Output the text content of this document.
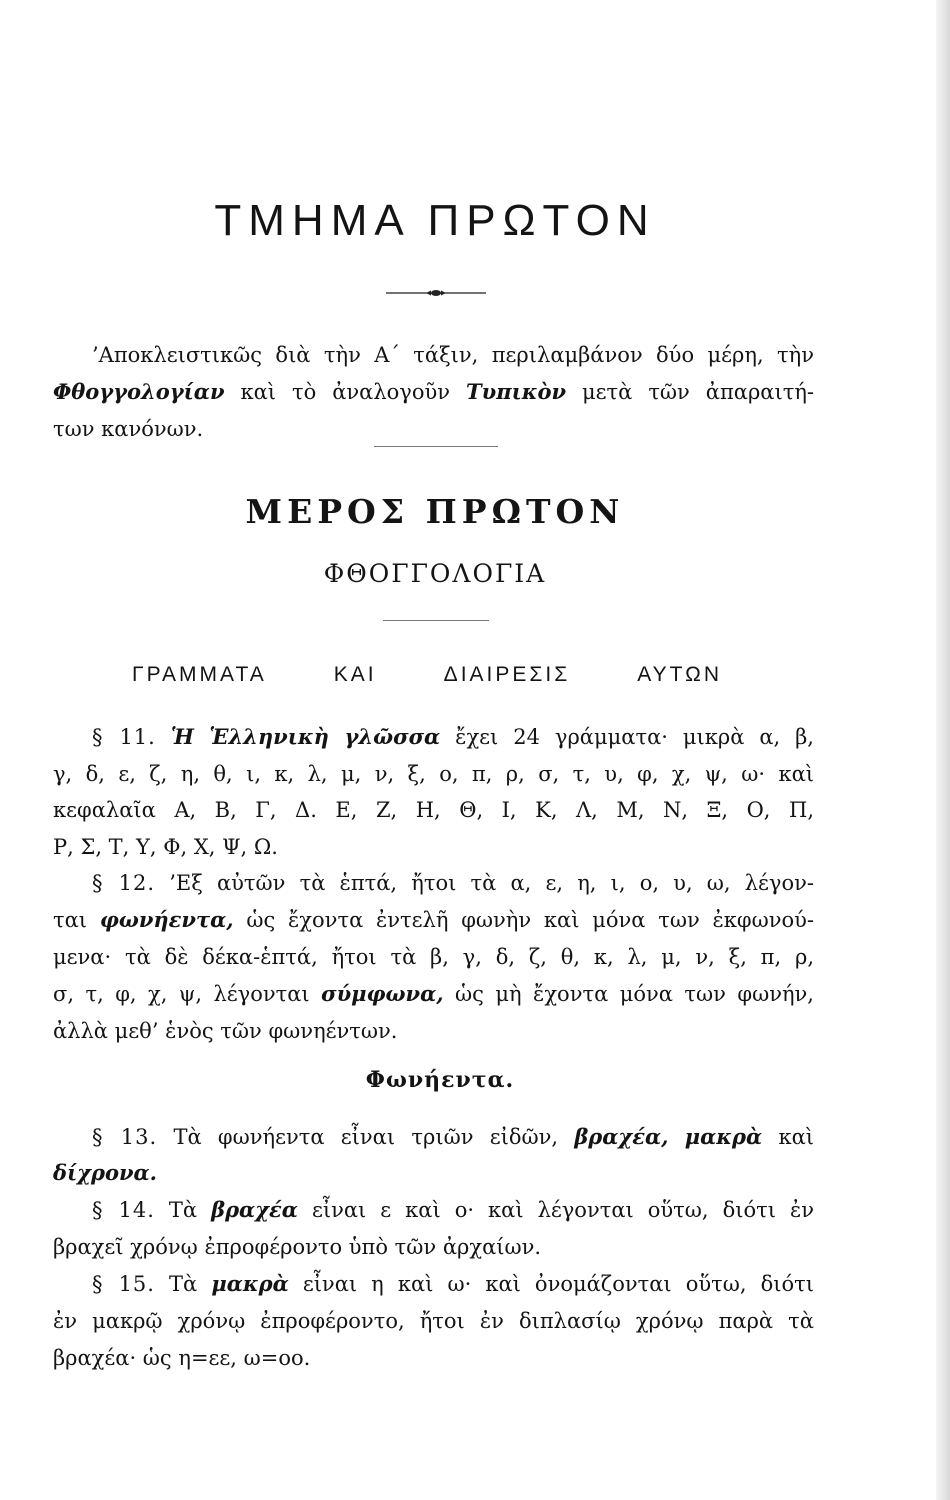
ΤΜΗΜΑ ΠΡΩΤΟΝ
’Αποκλειστικῶς διὰ τὴν Α΄ τάξιν, περιλαμβάνον δύο μέρη, τὴν
Φθογγολογίαν καὶ τὸ ἀναλογοῦν Τυπικὸν μετὰ τῶν ἀπαραιτή-
των κανόνων.
ΜΕΡΟΣ ΠΡΩΤΟΝ
ΦΘΟΓΓΟΛΟΓΙΑ
ΓΡΑΜΜΑΤΑ ΚΑΙ ΔΙΑΙΡΕΣΙΣ ΑΥΤΩΝ
§ 11. Ἡ Ἑλληνικὴ γλῶσσα ἔχει 24 γράμματα· μικρὰ α, β,
γ, δ, ε, ζ, η, θ, ι, κ, λ, μ, ν, ξ, ο, π, ρ, σ, τ, υ, φ, χ, ψ, ω· καὶ
κεφαλαῖα Α, Β, Γ, Δ. Ε, Ζ, Η, Θ, Ι, Κ, Λ, Μ, Ν, Ξ, Ο, Π,
Ρ, Σ, Τ, Υ, Φ, Χ, Ψ, Ω.
§ 12. ’Εξ αὐτῶν τὰ ἑπτά, ἤτοι τὰ α, ε, η, ι, ο, υ, ω, λέγον-
ται φωνήεντα, ὡς ἔχοντα ἐντελῆ φωνὴν καὶ μόνα των ἐκφωνού-
μενα· τὰ δὲ δέκα-ἑπτά, ἤτοι τὰ β, γ, δ, ζ, θ, κ, λ, μ, ν, ξ, π, ρ,
σ, τ, φ, χ, ψ, λέγονται σύμφωνα, ὡς μὴ ἔχοντα μόνα των φωνήν,
ἀλλὰ μεθ’ ἑνὸς τῶν φωνηέντων.
Φωνήεντα.
§ 13. Τὰ φωνήεντα εἶναι τριῶν εἰδῶν, βραχέα, μακρὰ καὶ
δίχρονα.
§ 14. Τὰ βραχέα εἶναι ε καὶ ο· καὶ λέγονται οὕτω, διότι ἐν
βραχεῖ χρόνῳ ἐπροφέροντο ὑπὸ τῶν ἀρχαίων.
§ 15. Τὰ μακρὰ εἶναι η καὶ ω· καὶ ὀνομάζονται οὕτω, διότι
ἐν μακρῷ χρόνῳ ἐπροφέροντο, ἤτοι ἐν διπλασίῳ χρόνῳ παρὰ τὰ
βραχέα· ὡς η=εε, ω=οο.
